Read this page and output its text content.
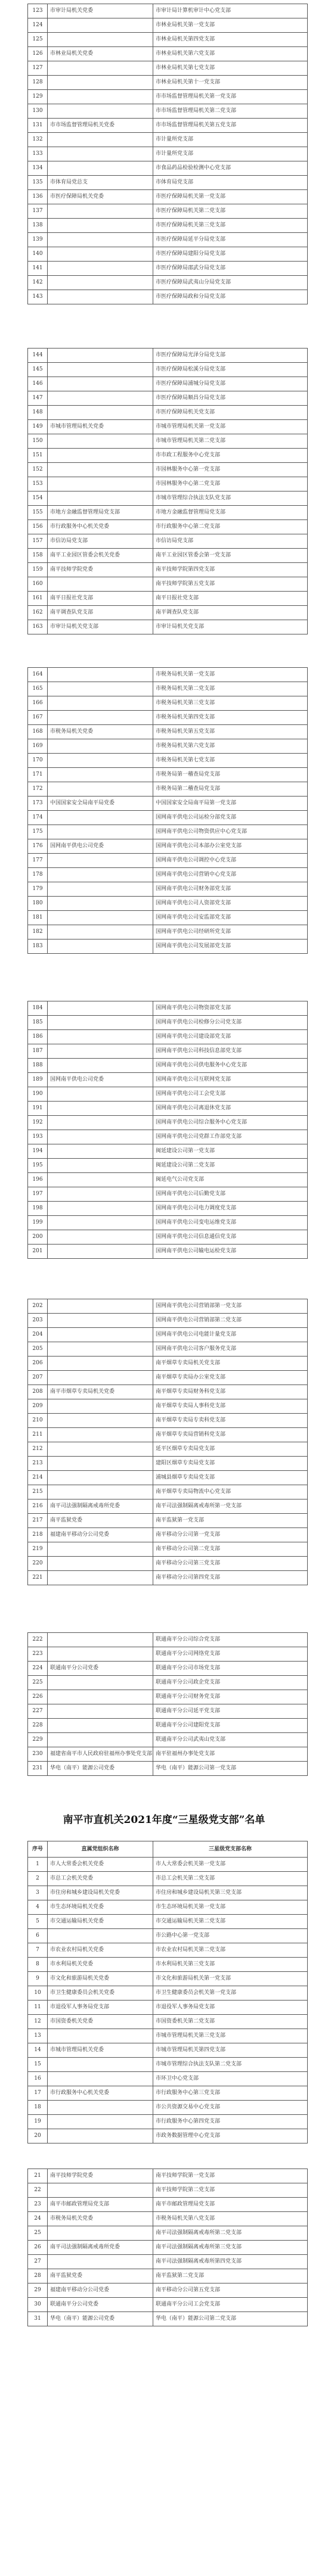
123	市审计局机关党委	市审计局计算机审计中心党支部
124		市林业局机关第一党支部
125		市林业局机关第四党支部
126	市林业局机关党委	市林业局机关第六党支部
127		市林业局机关第七党支部
128		市林业局机关第十一党支部
129		市市场监督管理局机关第一党支部
130		市市场监督管理局机关第二党支部
131	市市场监督管理局机关党委	市市场监督管理局机关第五党支部
132		市计量所党支部
133		市计量所党支部
134		市食品药品检验检测中心党支部
135	市体育局党总支	市体育局党支部
136	市医疗保障局机关党委	市医疗保障局机关第一党支部
137		市医疗保障局机关第二党支部
138		市医疗保障局机关第三党支部
139		市医疗保障局延平分局党支部
140		市医疗保障局建阳分局党支部
141		市医疗保障局邵武分局党支部
142		市医疗保障局武夷山分局党支部
143		市医疗保障局政和分局党支部
144		市医疗保障局光泽分局党支部
145		市医疗保障局松溪分局党支部
146		市医疗保障局浦城分局党支部
147		市医疗保障局顺昌分局党支部
148		市医疗保障局机关党支部
149	市城市管理局机关党委	市城市管理局机关第一党支部
150		市城市管理局机关第二党支部
151		市市政工程服务中心党支部
152		市园林服务中心第一党支部
153		市园林服务中心第二党支部
154		市城市管理综合执法支队党支部
155	市地方金融监督管理局党支部	市地方金融监督管理局党支部
156	市行政服务中心机关党委	市行政服务中心第二党支部
157	市信访局党支部	市信访局党支部
158	南平工业园区管委会机关党委	南平工业园区管委会第一党支部
159	南平技师学院党委	南平技师学院第四党支部
160		南平技师学院第五党支部
161	南平日报社党支部	南平日报社党支部
162	南平调查队党支部	南平调查队党支部
163	市审计局机关党支部	市审计局机关党支部
164		市税务局机关第一党支部
165		市税务局机关第二党支部
166		市税务局机关第三党支部
167		市税务局机关第四党支部
168	市税务局机关党委	市税务局机关第五党支部
169		市税务局机关第六党支部
170		市税务局机关第七党支部
171		市税务局第一稽查局党支部
172		市税务局第二稽查局党支部
173	中国国家安全局南平局党委	中国国家安全局南平局第一党支部
174		国网南平供电公司运检分部党支部
175		国网南平供电公司物资供应中心党支部
176	国网南平供电公司党委	国网南平供电公司本部办公室党支部
177		国网南平供电公司调控中心党支部
178		国网南平供电公司营销中心党支部
179		国网南平供电公司财务部党支部
180		国网南平供电公司人资部党支部
181		国网南平供电公司安监部党支部
182		国网南平供电公司经研所党支部
183		国网南平供电公司发展部党支部
184		国网南平供电公司物资部党支部
185		国网南平供电公司检修分公司党支部
186		国网南平供电公司建设部党支部
187		国网南平供电公司科技信息部党支部
188		国网南平供电公司供电服务中心党支部
189	国网南平供电公司党委	国网南平供电公司互联网党支部
190		国网南平供电公司工会党支部
191		国网南平供电公司离退休党支部
192		国网南平供电公司综合服务中心党支部
193		国网南平供电公司党群工作部党支部
194		闽延建设公司第一党支部
195		闽延建设公司第二党支部
196		闽延电气公司党支部
197		国网南平供电公司后勤党支部
198		国网南平供电公司电力调度党支部
199		国网南平供电公司变电运维党支部
200		国网南平供电公司信息通信党支部
201		国网南平供电公司输电运检党支部
202		国网南平供电公司营销部第一党支部
203		国网南平供电公司营销部第二党支部
204		国网南平供电公司电能计量党支部
205		国网南平供电公司客户服务党支部
206		南平烟草专卖局机关党支部
207		南平烟草专卖局办公室党支部
208	南平市烟草专卖局机关党委	南平烟草专卖局财务科党支部
209		南平烟草专卖局人事科党支部
210		南平烟草专卖局专卖科党支部
211		南平烟草专卖局营销科党支部
212		延平区烟草专卖局党支部
213		建阳区烟草专卖局党支部
214		浦城县烟草专卖局党支部
215		南平烟草专卖局物流中心党支部
216	南平司法强制隔离戒毒所党委	南平司法强制隔离戒毒所第一党支部
217	南平监狱党委	南平监狱第一党支部
218	福建南平移动分公司党委	南平移动分公司第一党支部
219		南平移动分公司第二党支部
220		南平移动分公司第三党支部
221		南平移动分公司第四党支部
222		联通南平分公司综合党支部
223		联通南平分公司网络党支部
224	联通南平分公司党委	联通南平分公司市场党支部
225		联通南平分公司政企党支部
226		联通南平分公司财务党支部
227		联通南平分公司延平党支部
228		联通南平分公司建阳党支部
229		联通南平分公司武夷山党支部
230	福建省南平市人民政府驻福州办事处党支部	南平驻福州办事处党支部
231	华电（南平）能源公司党委	华电（南平）能源公司第一党支部
南平市直机关2021年度“三星级党支部”名单
序号	直属党组织名称	三星级党支部名称
1	市人大常委会机关党委	市人大常委会机关第一党支部
2	市总工会机关党委	市总工会机关第二党支部
3	市住房和城乡建设局机关党委	市住房和城乡建设局机关第三党支部
4	市生态环境局机关党委	市生态环境局机关第一党支部
5	市交通运输局机关党委	市交通运输局机关第二党支部
6		市公路中心第一党支部
7	市农业农村局机关党委	市农业农村局机关第二党支部
8	市水利局机关党委	市水利局机关第三党支部
9	市文化和旅游局机关党委	市文化和旅游局机关第一党支部
10	市卫生健康委员会机关党委	市卫生健康委员会机关第一党支部
11	市退役军人事务局党支部	市退役军人事务局党支部
12	市国资委机关党委	市国资委机关第二党支部
13		市城市管理局机关第三党支部
14	市城市管理局机关党委	市城市管理局机关第四党支部
15		市城市管理综合执法支队第二党支部
16		市环卫中心党支部
17	市行政服务中心机关党委	市行政服务中心第三党支部
18		市公共资源交易中心党支部
19		市行政服务中心第四党支部
20		市政务数据管理中心党支部
21	南平技师学院党委	南平技师学院第一党支部
22		南平技师学院第二党支部
23	南平市邮政管理局党支部	南平市邮政管理局党支部
24	市税务局机关党委	市税务局机关第八党支部
25		南平司法强制隔离戒毒所第二党支部
26	南平司法强制隔离戒毒所党委	南平司法强制隔离戒毒所第三党支部
27		南平司法强制隔离戒毒所第四党支部
28	南平监狱党委	南平监狱第二党支部
29	福建南平移动分公司党委	南平移动分公司第五党支部
30	联通南平分公司党委	联通南平分公司工会党支部
31	华电（南平）能源公司党委	华电（南平）能源公司第二党支部
